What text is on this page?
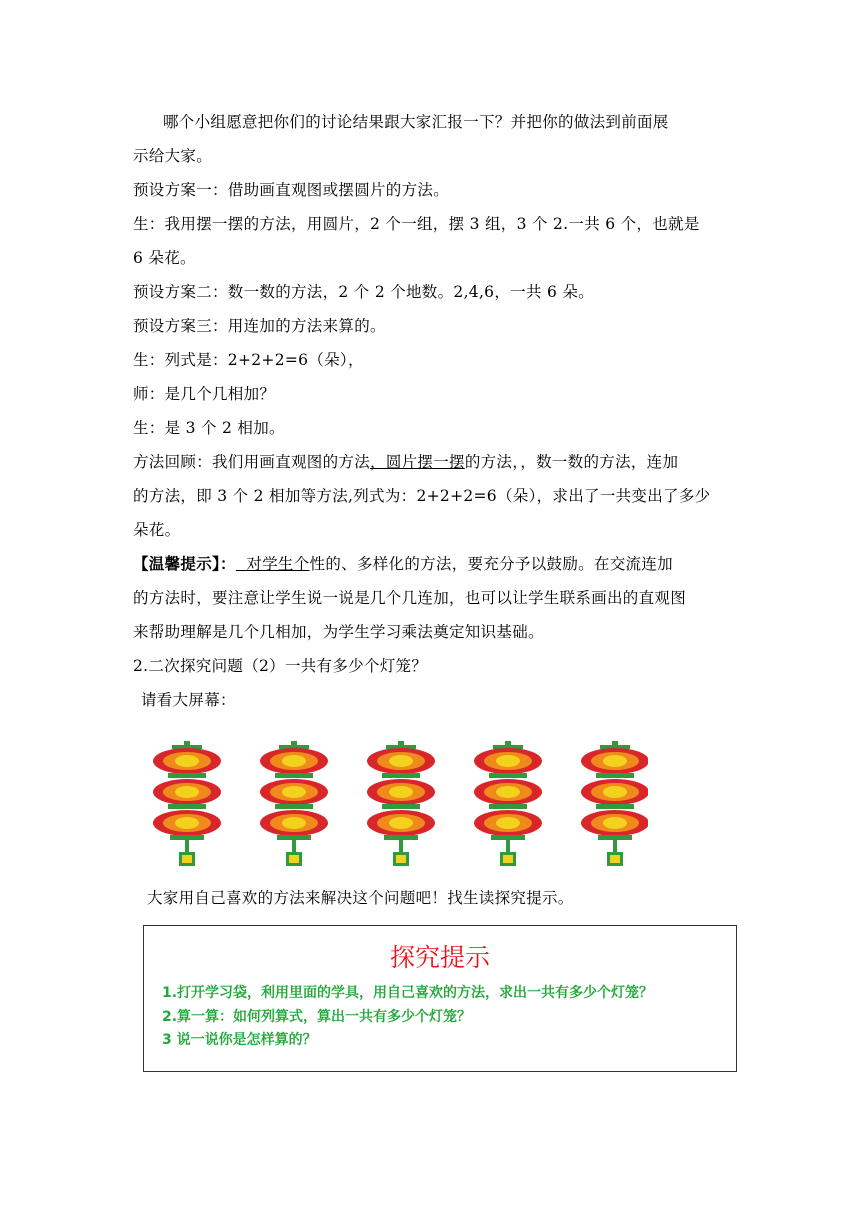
哪个小组愿意把你们的讨论结果跟大家汇报一下？并把你的做法到前面展
示给大家。
预设方案一：借助画直观图或摆圆片的方法。
生：我用摆一摆的方法，用圆片，2 个一组，摆 3 组，3 个 2.一共 6 个，也就是
6 朵花。
预设方案二：数一数的方法，2 个 2 个地数。2,4,6，一共 6 朵。
预设方案三：用连加的方法来算的。
生：列式是：2+2+2=6（朵），
师：是几个几相加？
生：是 3 个 2 相加。
方法回顾：我们用画直观图的方法，圆片摆一摆的方法，，数一数的方法，连加
的方法，即 3 个 2 相加等方法,列式为：2+2+2=6（朵），求出了一共变出了多少
朵花。
【温馨提示】：  对学生个性的、多样化的方法，要充分予以鼓励。在交流连加
的方法时，要注意让学生说一说是几个几连加，也可以让学生联系画出的直观图
来帮助理解是几个几相加，为学生学习乘法奠定知识基础。
2.二次探究问题（2）一共有多少个灯笼？
请看大屏幕：
大家用自己喜欢的方法来解决这个问题吧！找生读探究提示。
探究提示
1.打开学习袋，利用里面的学具，用自己喜欢的方法，求出一共有多少个灯笼？
2.算一算：如何列算式，算出一共有多少个灯笼？
3 说一说你是怎样算的？
